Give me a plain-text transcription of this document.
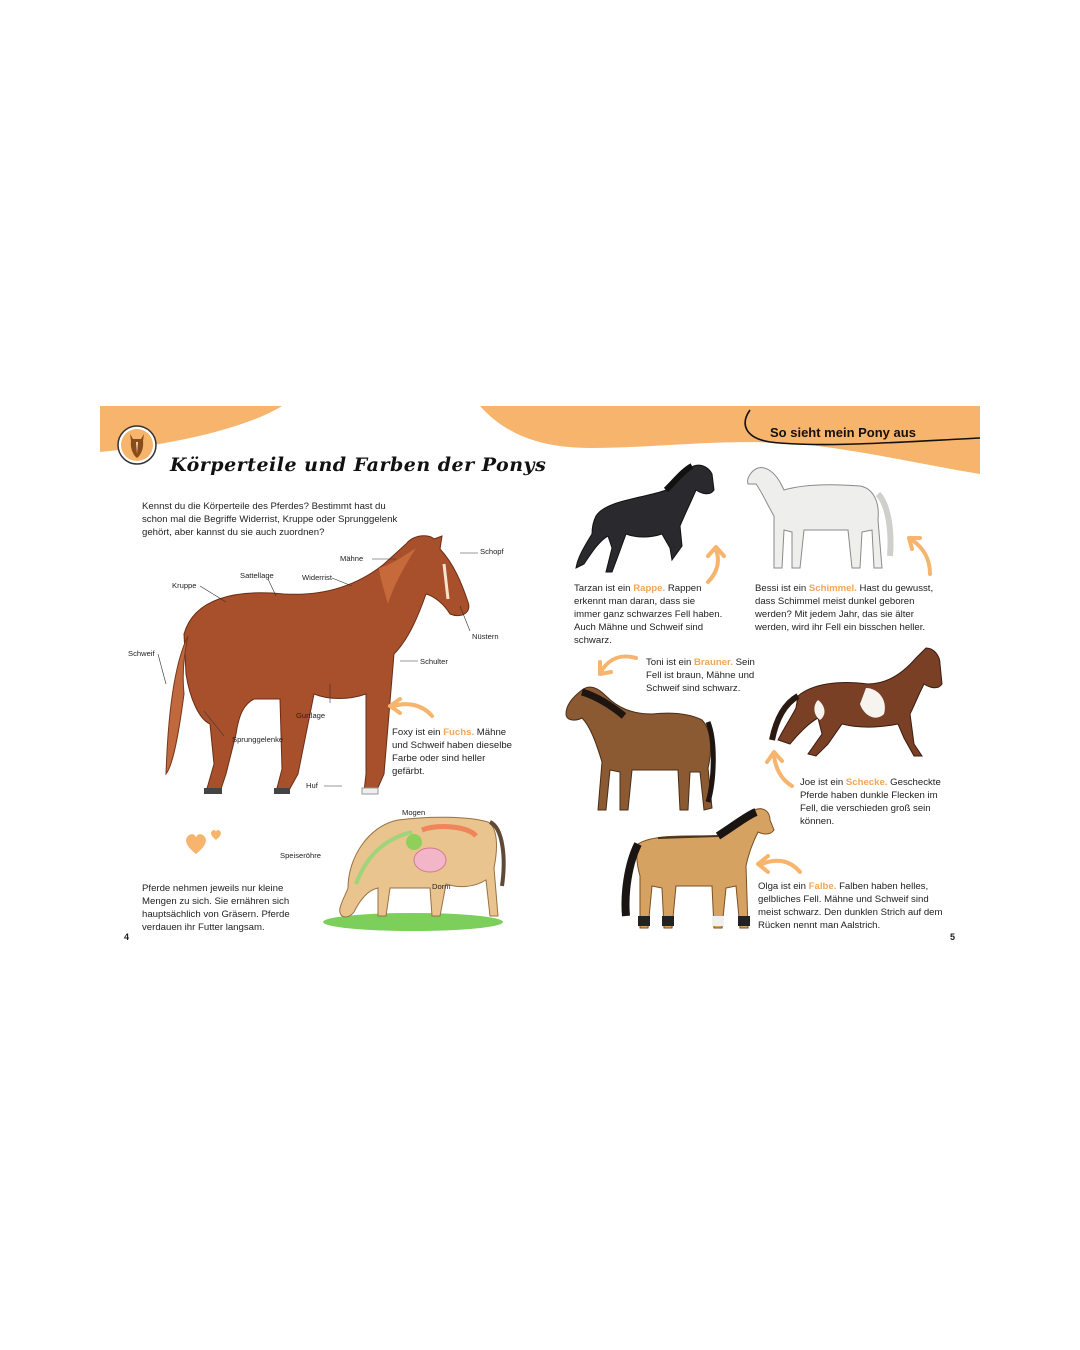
Körperteile und Farben der Ponys
So sieht mein Pony aus
Kennst du die Körperteile des Pferdes? Bestimmt hast du schon mal die Begriffe Widerrist, Kruppe oder Sprunggelenk gehört, aber kannst du sie auch zuordnen?
Schopf
Mähne
Widerrist
Sattellage
Kruppe
Schweif
Nüstern
Schulter
Gurtlage
Sprunggelenke
Huf
Foxy ist ein Fuchs. Mähne und Schweif haben dieselbe Farbe oder sind heller gefärbt.
Mogen
Speiseröhre
Dorm
Pferde nehmen jeweils nur kleine Mengen zu sich. Sie ernähren sich hauptsächlich von Gräsern. Pferde verdauen ihr Futter langsam.
4
Tarzan ist ein Rappe. Rappen erkennt man daran, dass sie immer ganz schwarzes Fell haben. Auch Mähne und Schweif sind schwarz.
Bessi ist ein Schimmel. Hast du gewusst, dass Schimmel meist dunkel geboren werden? Mit jedem Jahr, das sie älter werden, wird ihr Fell ein bisschen heller.
Toni ist ein Brauner. Sein Fell ist braun, Mähne und Schweif sind schwarz.
Joe ist ein Schecke. Gescheckte Pferde haben dunkle Flecken im Fell, die verschieden groß sein können.
Olga ist ein Falbe. Falben haben helles, gelbliches Fell. Mähne und Schweif sind meist schwarz. Den dunklen Strich auf dem Rücken nennt man Aalstrich.
5
